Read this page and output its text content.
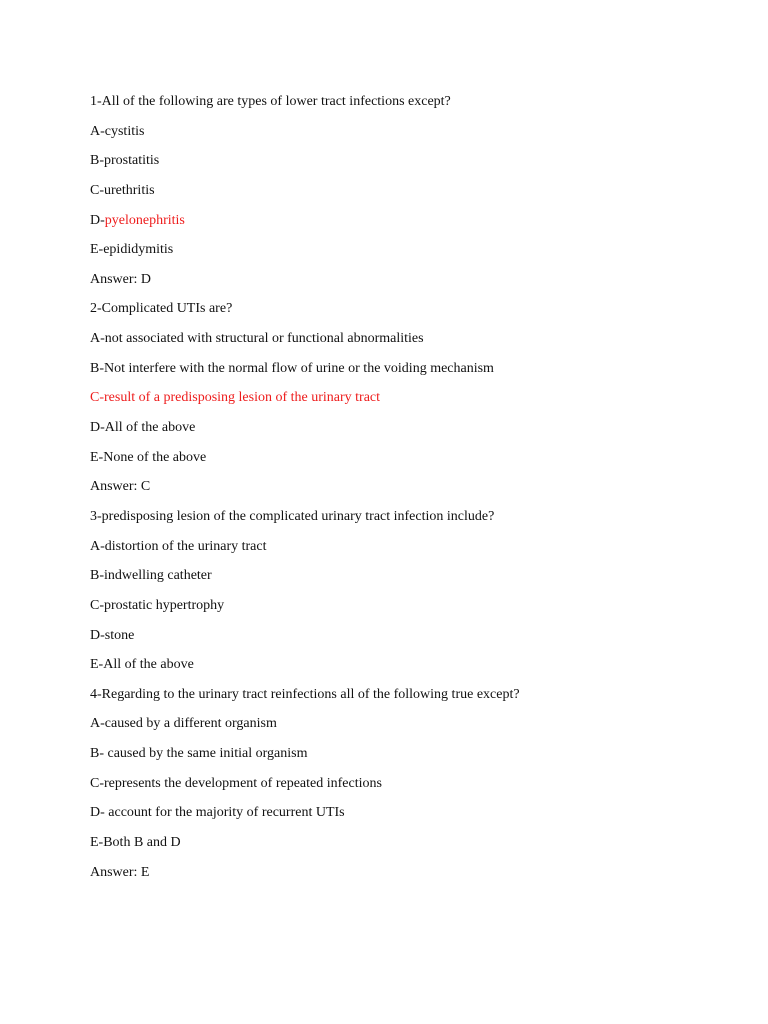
1-All of the following are types of lower tract infections except?
A-cystitis
B-prostatitis
C-urethritis
D-pyelonephritis
E-epididymitis
Answer: D
2-Complicated UTIs are?
A-not associated with structural or functional abnormalities
B-Not interfere with the normal flow of urine or the voiding mechanism
C-result of a predisposing lesion of the urinary tract
D-All of the above
E-None of the above
Answer: C
3-predisposing lesion of the complicated urinary tract infection include?
A-distortion of the urinary tract
B-indwelling catheter
C-prostatic hypertrophy
D-stone
E-All of the above
4-Regarding to the urinary tract reinfections all of the following true except?
A-caused by a different organism
B- caused by the same initial organism
C-represents the development of repeated infections
D- account for the majority of recurrent UTIs
E-Both B and D
Answer: E
